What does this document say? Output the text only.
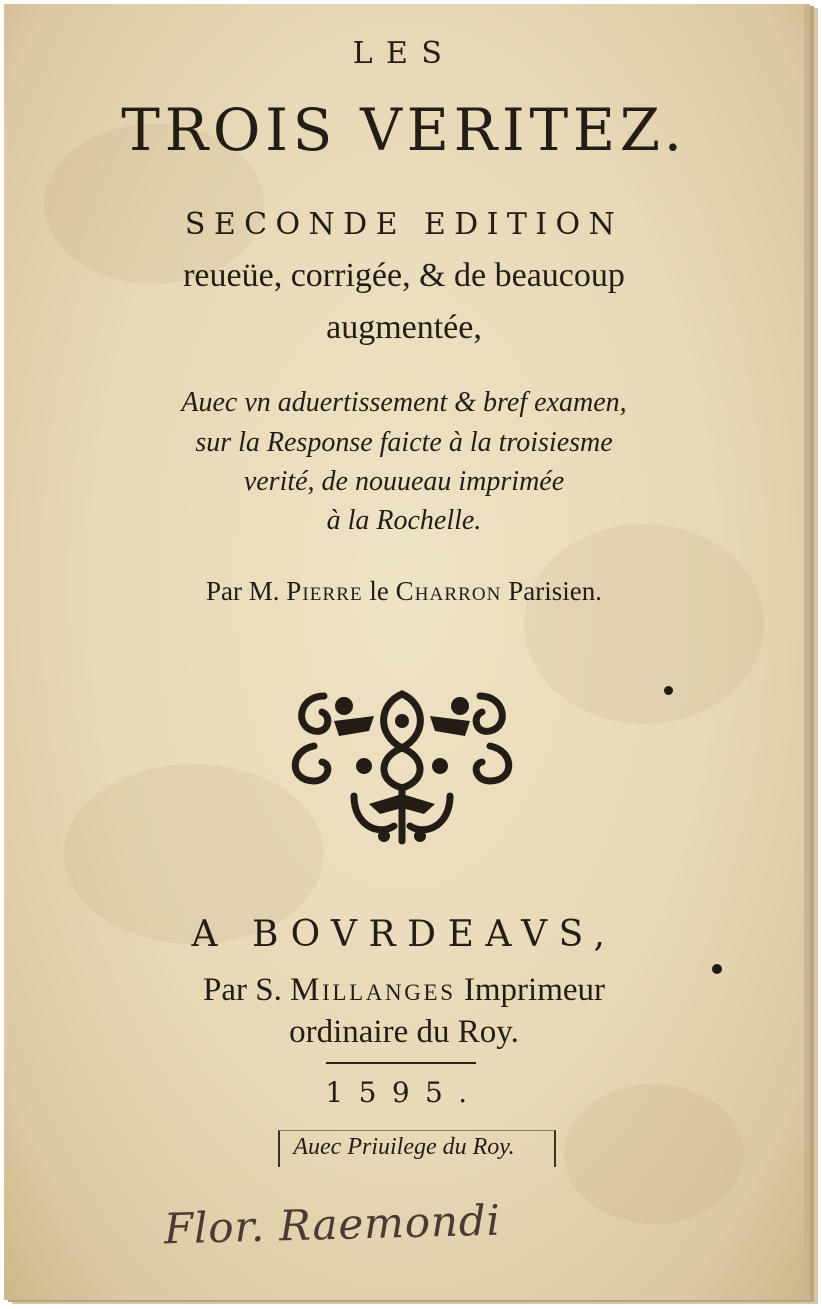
LES
TROIS VERITEZ.
SECONDE EDITION
reueüe, corrigée, & de beaucoup
augmentée,
Auec vn aduertissement & bref examen,
sur la Response faicte à la troisiesme
verité, de nouueau imprimée
à la Rochelle.
Par M. Pierre le Charron Parisien.
A BOVRDEAVS,
Par S. Millanges Imprimeur
ordinaire du Roy.
1595.
Auec Priuilege du Roy.
Flor. Raemondi
